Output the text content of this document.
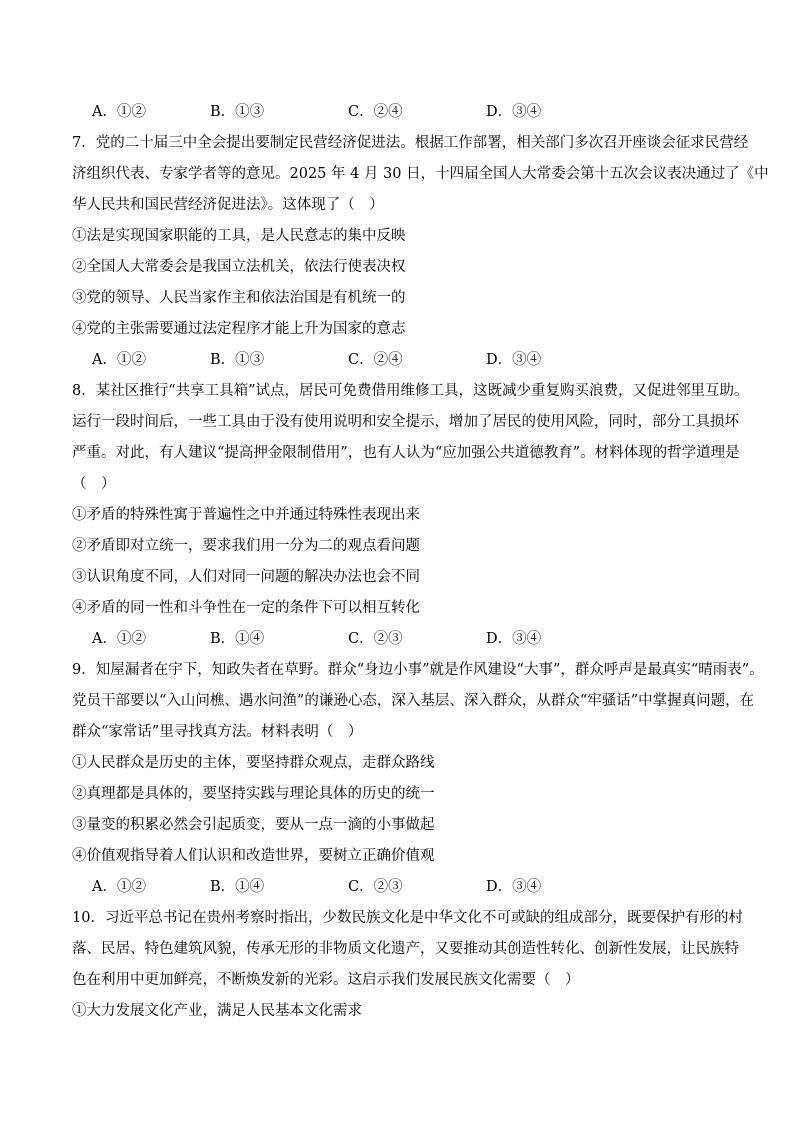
A．①②	B．①③	C．②④	D．③④
7．党的二十届三中全会提出要制定民营经济促进法。根据工作部署，相关部门多次召开座谈会征求民营经
济组织代表、专家学者等的意见。2025 年 4 月 30 日，十四届全国人大常委会第十五次会议表决通过了《中
华人民共和国民营经济促进法》。这体现了（　）
①法是实现国家职能的工具，是人民意志的集中反映
②全国人大常委会是我国立法机关，依法行使表决权
③党的领导、人民当家作主和依法治国是有机统一的
④党的主张需要通过法定程序才能上升为国家的意志
A．①②	B．①③	C．②④	D．③④
8．某社区推行“共享工具箱”试点，居民可免费借用维修工具，这既减少重复购买浪费，又促进邻里互助。
运行一段时间后，一些工具由于没有使用说明和安全提示，增加了居民的使用风险，同时，部分工具损坏
严重。对此，有人建议“提高押金限制借用”，也有人认为“应加强公共道德教育”。材料体现的哲学道理是
（　）
①矛盾的特殊性寓于普遍性之中并通过特殊性表现出来
②矛盾即对立统一，要求我们用一分为二的观点看问题
③认识角度不同，人们对同一问题的解决办法也会不同
④矛盾的同一性和斗争性在一定的条件下可以相互转化
A．①②	B．①④	C．②③	D．③④
9．知屋漏者在宇下，知政失者在草野。群众“身边小事”就是作风建设“大事”，群众呼声是最真实“晴雨表”。
党员干部要以“入山问樵、遇水问渔”的谦逊心态，深入基层、深入群众，从群众“牢骚话”中掌握真问题，在
群众“家常话”里寻找真方法。材料表明（　）
①人民群众是历史的主体，要坚持群众观点，走群众路线
②真理都是具体的，要坚持实践与理论具体的历史的统一
③量变的积累必然会引起质变，要从一点一滴的小事做起
④价值观指导着人们认识和改造世界，要树立正确价值观
A．①②	B．①④	C．②③	D．③④
10．习近平总书记在贵州考察时指出，少数民族文化是中华文化不可或缺的组成部分，既要保护有形的村
落、民居、特色建筑风貌，传承无形的非物质文化遗产，又要推动其创造性转化、创新性发展，让民族特
色在利用中更加鲜亮，不断焕发新的光彩。这启示我们发展民族文化需要（　）
①大力发展文化产业，满足人民基本文化需求
